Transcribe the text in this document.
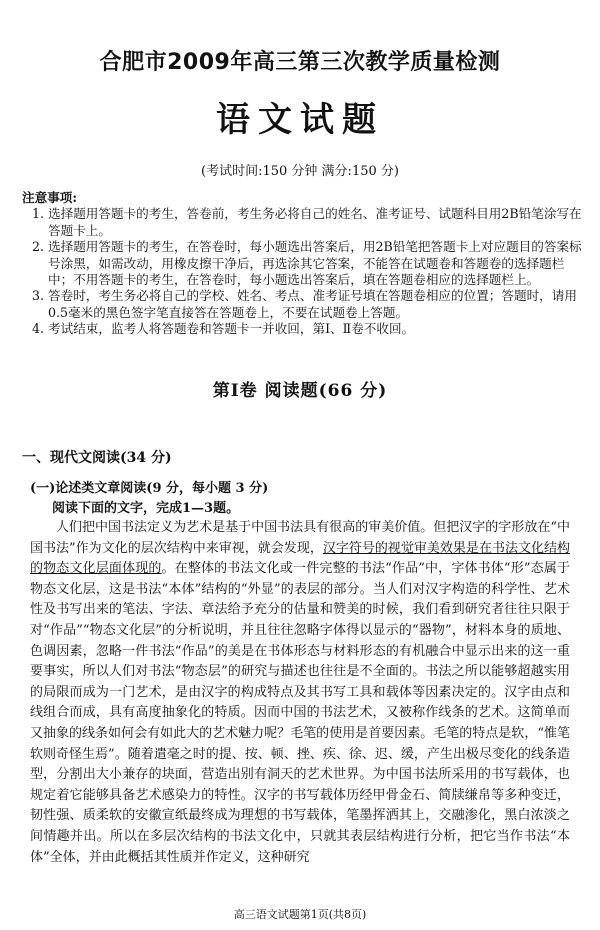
合肥市2009年高三第三次教学质量检测
语文试题
(考试时间:150 分钟 满分:150 分)
注意事项:
1. 选择题用答题卡的考生，答卷前，考生务必将自己的姓名、准考证号、试题科目用2B铅笔涂写在答题卡上。
2. 选择题用答题卡的考生，在答卷时，每小题选出答案后，用2B铅笔把答题卡上对应题目的答案标号涂黑，如需改动，用橡皮擦干净后，再选涂其它答案，不能答在试题卷和答题卷的选择题栏中；不用答题卡的考生，在答卷时，每小题选出答案后，填在答题卷相应的选择题栏上。
3. 答卷时，考生务必将自己的学校、姓名、考点、准考证号填在答题卷相应的位置；答题时，请用0.5毫米的黑色签字笔直接答在答题卷上，不要在试题卷上答题。
4. 考试结束，监考人将答题卷和答题卡一并收回，第Ⅰ、Ⅱ卷不收回。
第Ⅰ卷 阅读题(66 分)
一、现代文阅读(34 分)
(一)论述类文章阅读(9 分，每小题 3 分)
阅读下面的文字，完成1—3题。

人们把中国书法定义为艺术是基于中国书法具有很高的审美价值。但把汉字的字形放在“中国书法”作为文化的层次结构中来审视，就会发现，汉字符号的视觉审美效果是在书法文化结构的物态文化层面体现的。在整体的书法文化或一件完整的书法“作品”中，字体书体“形”态属于物态文化层，这是书法“本体”结构的“外显”的表层的部分。当人们对汉字构造的科学性、艺术性及书写出来的笔法、字法、章法给予充分的估量和赞美的时候，我们看到研究者往往只限于对“作品”“物态文化层”的分析说明，并且往往忽略字体得以显示的“器物”，材料本身的质地、色调因素，忽略一件书法“作品”的美是在书体形态与材料形态的有机融合中显示出来的这一重要事实，所以人们对书法“物态层”的研究与描述也往往是不全面的。书法之所以能够超越实用的局限而成为一门艺术，是由汉字的构成特点及其书写工具和载体等因素决定的。汉字由点和线组合而成，具有高度抽象化的特质。因而中国的书法艺术，又被称作线条的艺术。这简单而又抽象的线条如何会有如此大的艺术魅力呢？毛笔的使用是首要因素。毛笔的特点是软，“惟笔软则奇怪生焉”。随着遣毫之时的提、按、顿、挫、疾、徐、迟、缓，产生出极尽变化的线条造型，分割出大小兼存的块面，营造出别有洞天的艺术世界。为中国书法所采用的书写载体，也规定着它能够具备艺术感染力的特性。汉字的书写载体历经甲骨金石、简牍缣帛等多种变迁，韧性强、质柔软的安徽宣纸最终成为理想的书写载体，笔墨挥洒其上，交融渗化，黑白浓淡之间情趣并出。所以在多层次结构的书法文化中，只就其表层结构进行分析，把它当作书法“本体”全体，并由此概括其性质并作定义，这种研究

高三语文试题第1页(共8页)
